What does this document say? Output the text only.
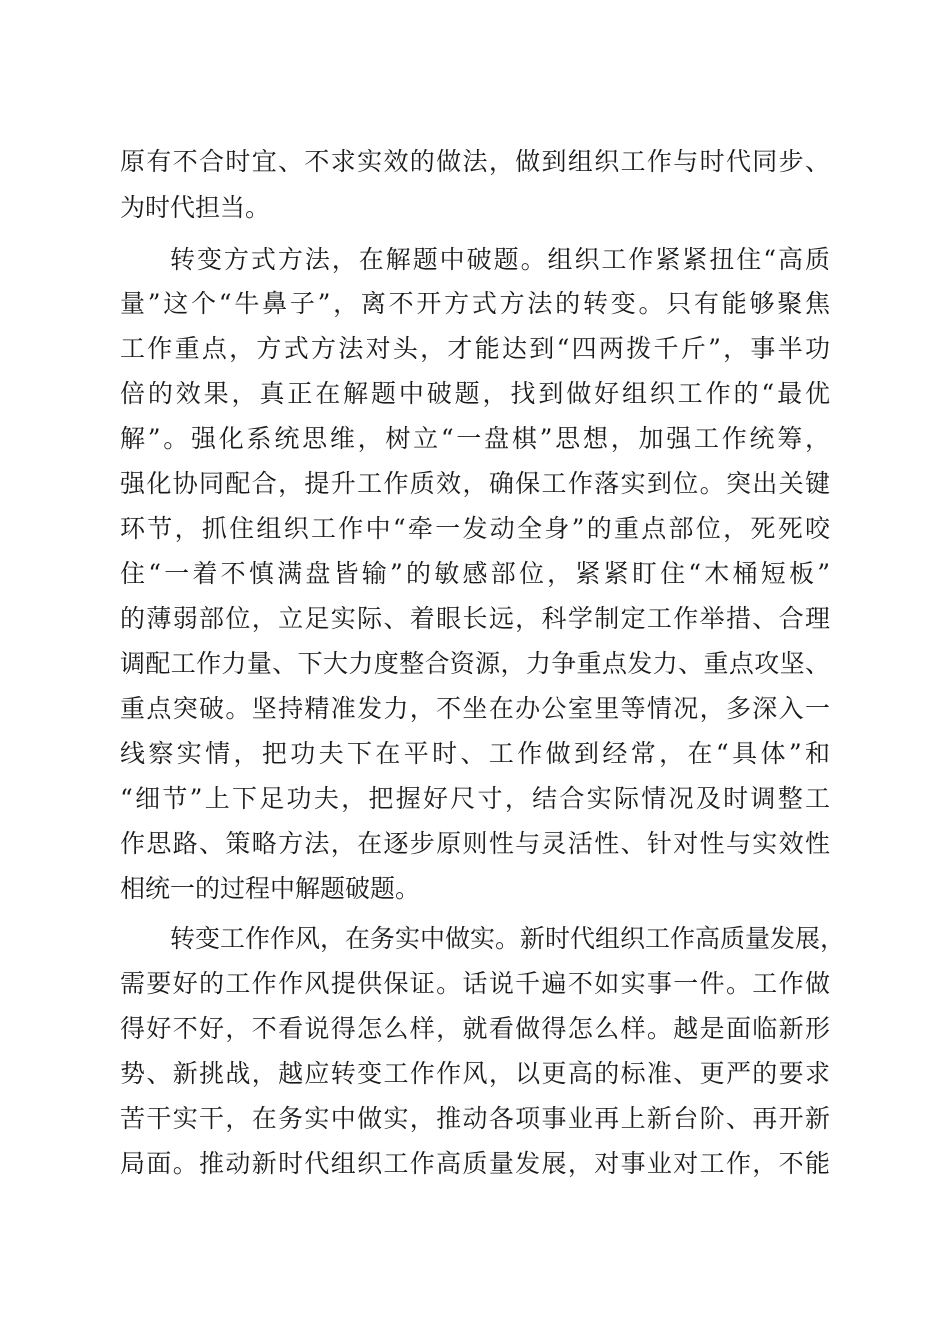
原有不合时宜、不求实效的做法，做到组织工作与时代同步、
为时代担当。
转变方式方法，在解题中破题。组织工作紧紧扭住“高质
量”这个“牛鼻子”，离不开方式方法的转变。只有能够聚焦
工作重点，方式方法对头，才能达到“四两拨千斤”，事半功
倍的效果，真正在解题中破题，找到做好组织工作的“最优
解”。强化系统思维，树立“一盘棋”思想，加强工作统筹，
强化协同配合，提升工作质效，确保工作落实到位。突出关键
环节，抓住组织工作中“牵一发动全身”的重点部位，死死咬
住“一着不慎满盘皆输”的敏感部位，紧紧盯住“木桶短板”
的薄弱部位，立足实际、着眼长远，科学制定工作举措、合理
调配工作力量、下大力度整合资源，力争重点发力、重点攻坚、
重点突破。坚持精准发力，不坐在办公室里等情况，多深入一
线察实情，把功夫下在平时、工作做到经常，在“具体”和
“细节”上下足功夫，把握好尺寸，结合实际情况及时调整工
作思路、策略方法，在逐步原则性与灵活性、针对性与实效性
相统一的过程中解题破题。
转变工作作风，在务实中做实。新时代组织工作高质量发展，
需要好的工作作风提供保证。话说千遍不如实事一件。工作做
得好不好，不看说得怎么样，就看做得怎么样。越是面临新形
势、新挑战，越应转变工作作风，以更高的标准、更严的要求
苦干实干，在务实中做实，推动各项事业再上新台阶、再开新
局面。推动新时代组织工作高质量发展，对事业对工作，不能
